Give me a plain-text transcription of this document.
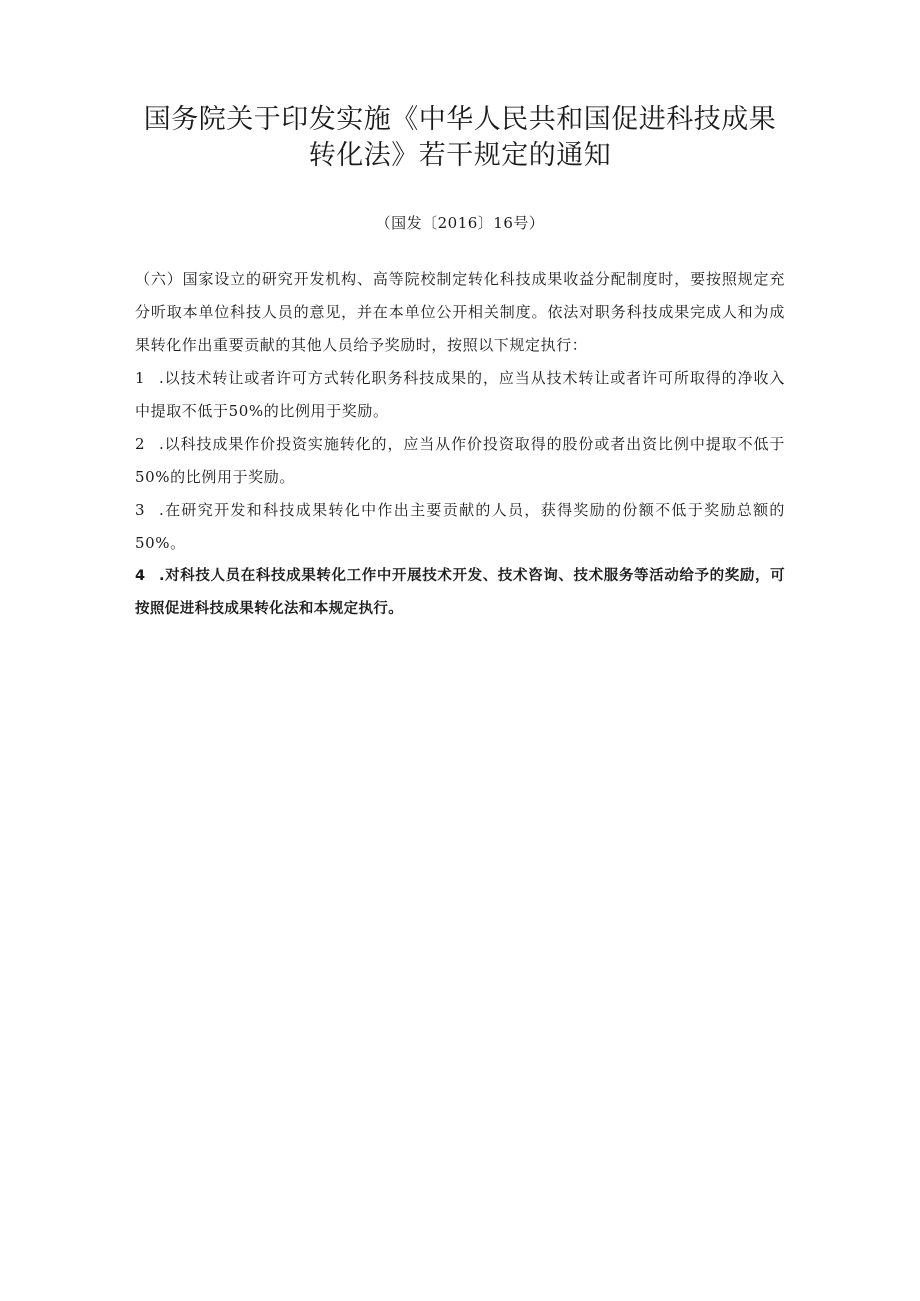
国务院关于印发实施《中华人民共和国促进科技成果
转化法》若干规定的通知
（国发〔2016〕16号）

（六）国家设立的研究开发机构、高等院校制定转化科技成果收益分配制度时，要按照规定充分听取本单位科技人员的意见，并在本单位公开相关制度。依法对职务科技成果完成人和为成果转化作出重要贡献的其他人员给予奖励时，按照以下规定执行：

1 .以技术转让或者许可方式转化职务科技成果的，应当从技术转让或者许可所取得的净收入中提取不低于50%的比例用于奖励。

2 .以科技成果作价投资实施转化的，应当从作价投资取得的股份或者出资比例中提取不低于50%的比例用于奖励。

3 .在研究开发和科技成果转化中作出主要贡献的人员，获得奖励的份额不低于奖励总额的50%。

4 .对科技人员在科技成果转化工作中开展技术开发、技术咨询、技术服务等活动给予的奖励，可按照促进科技成果转化法和本规定执行。
